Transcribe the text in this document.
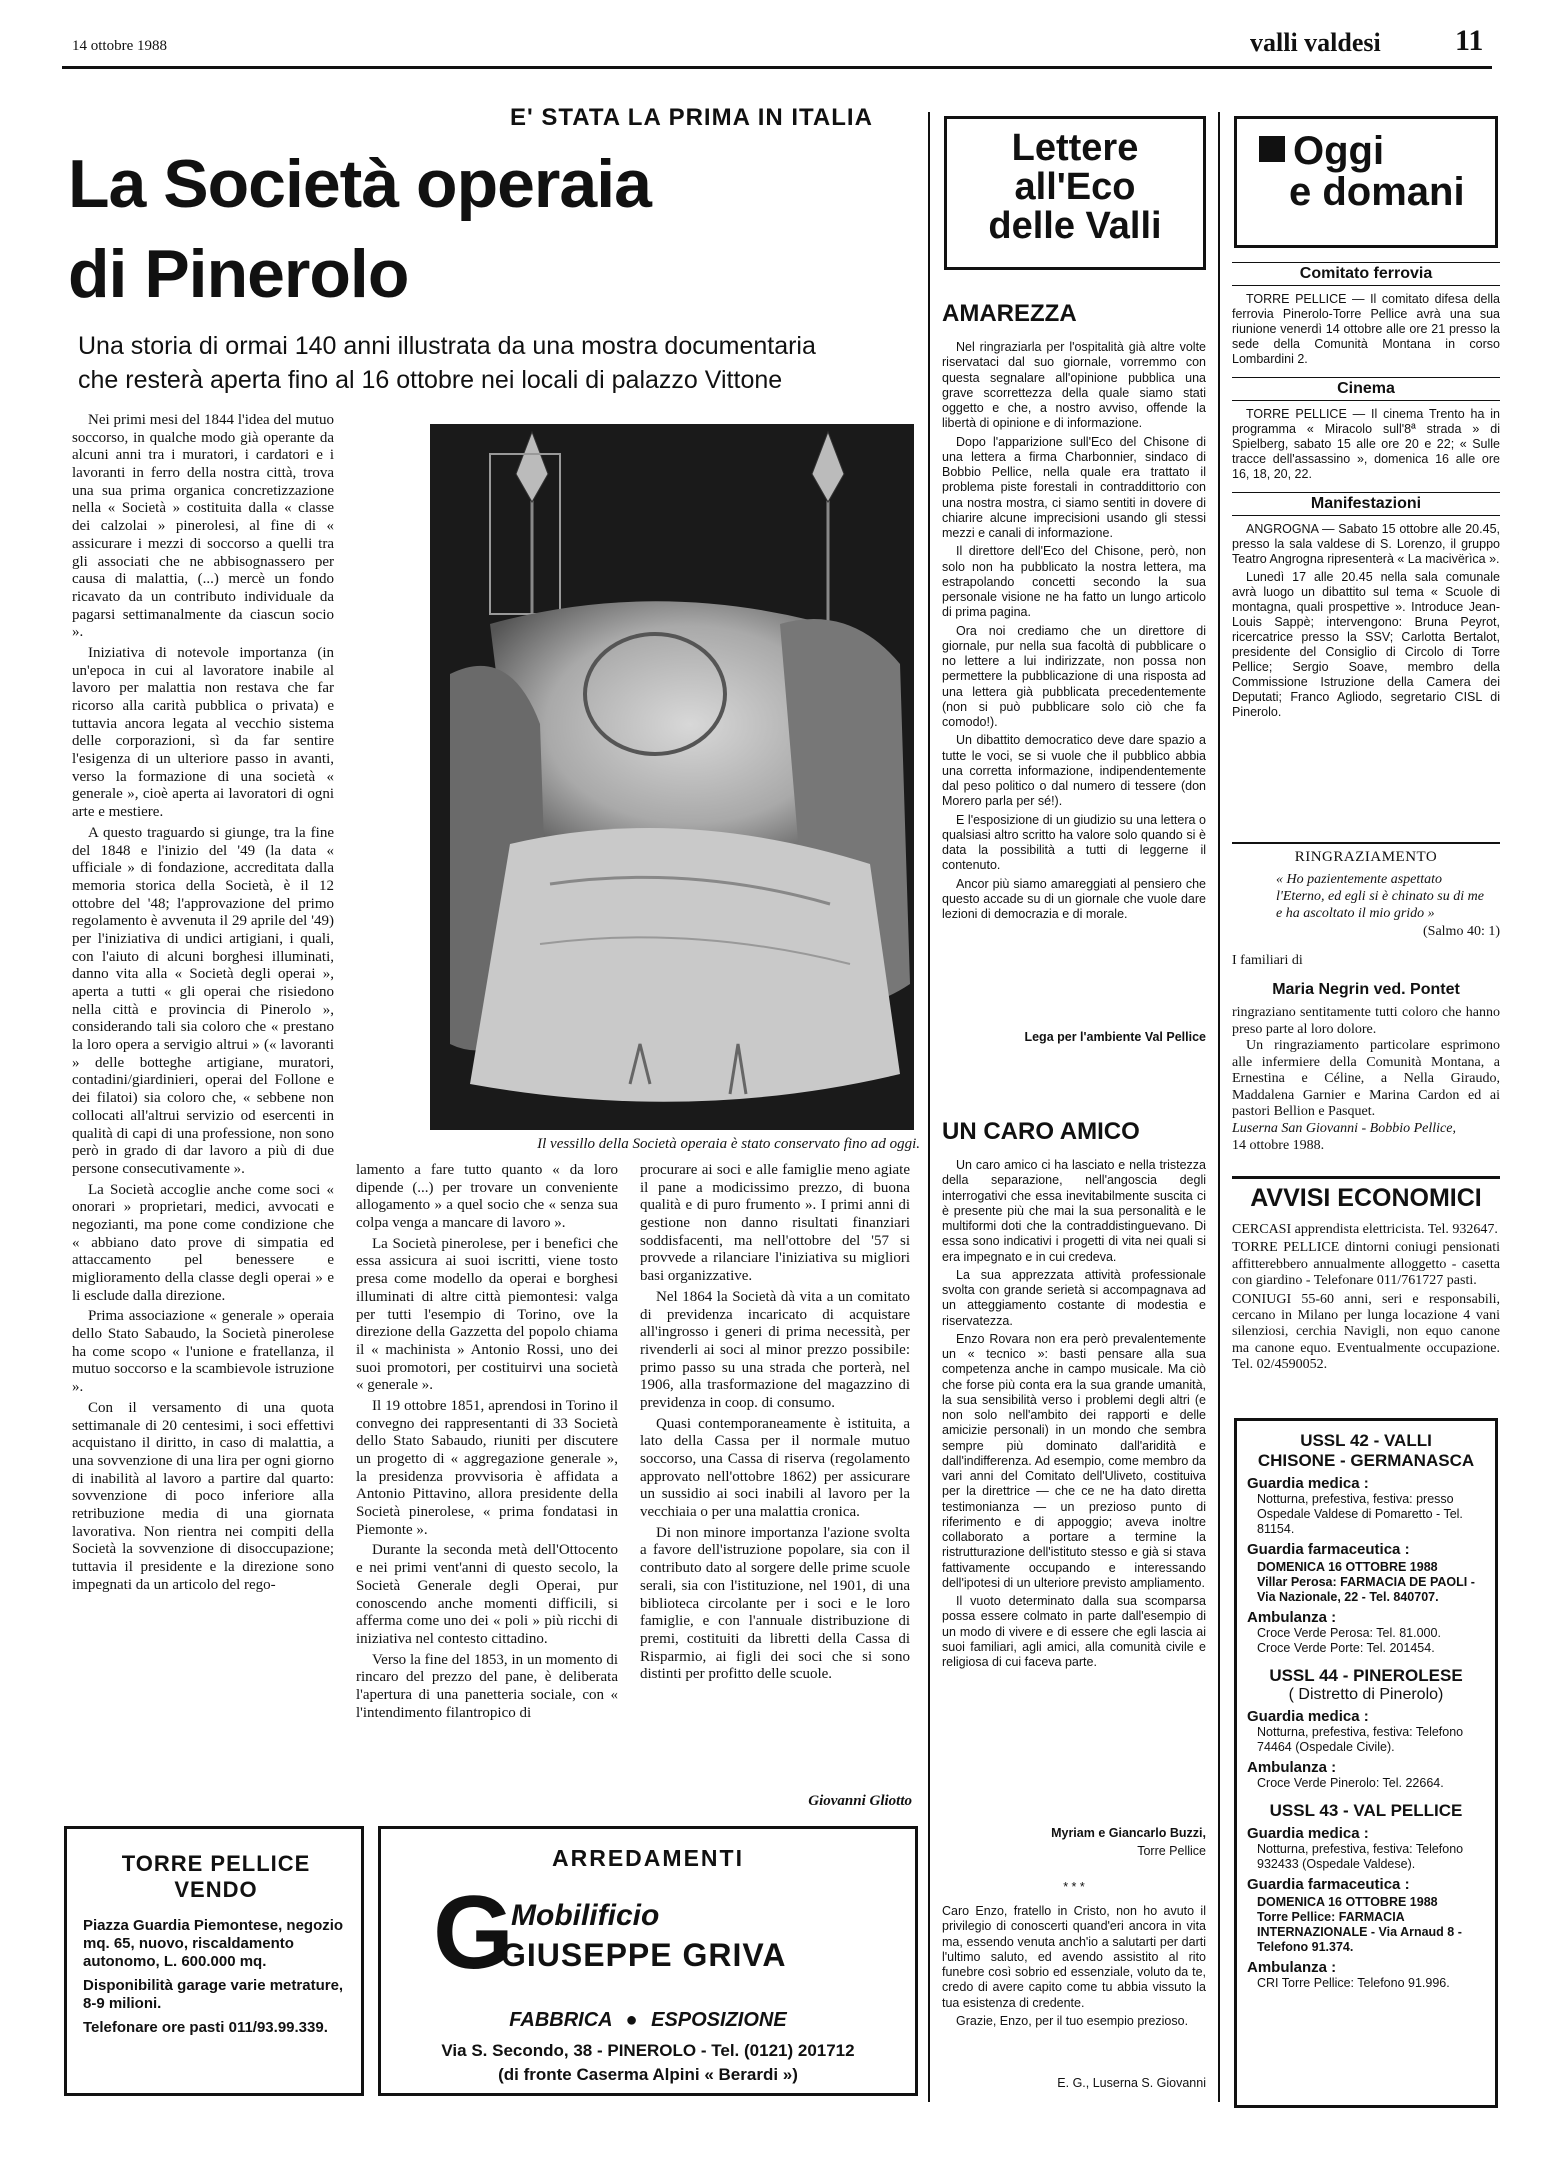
14 ottobre 1988	valli valdesi 11
E' STATA LA PRIMA IN ITALIA
La Società operaia
di Pinerolo
Una storia di ormai 140 anni illustrata da una mostra documentaria
che resterà aperta fino al 16 ottobre nei locali di palazzo Vittone

Nei primi mesi del 1844 l'idea del mutuo soccorso, in qualche modo già operante da alcuni anni tra i muratori, i cardatori e i lavoranti in ferro della nostra città, trova una sua prima organica concretizzazione nella « Società » costituita dalla « classe dei calzolai » pinerolesi, al fine di « assicurare i mezzi di soccorso a quelli tra gli associati che ne abbisognassero per causa di malattia, (...) mercè un fondo ricavato da un contributo individuale da pagarsi settimanalmente da ciascun socio ».

Iniziativa di notevole importanza (in un'epoca in cui al lavoratore inabile al lavoro per malattia non restava che far ricorso alla carità pubblica o privata) e tuttavia ancora legata al vecchio sistema delle corporazioni, sì da far sentire l'esigenza di un ulteriore passo in avanti, verso la formazione di una società « generale », cioè aperta ai lavoratori di ogni arte e mestiere.

A questo traguardo si giunge, tra la fine del 1848 e l'inizio del '49 (la data « ufficiale » di fondazione, accreditata dalla memoria storica della Società, è il 12 ottobre del '48; l'approvazione del primo regolamento è avvenuta il 29 aprile del '49) per l'iniziativa di undici artigiani, i quali, con l'aiuto di alcuni borghesi illuminati, danno vita alla « Società degli operai », aperta a tutti « gli operai che risiedono nella città e provincia di Pinerolo », considerando tali sia coloro che « prestano la loro opera a servigio altrui » (« lavoranti » delle botteghe artigiane, muratori, contadini/giardinieri, operai del Follone e dei filatoi) sia coloro che, « sebbene non collocati all'altrui servizio od esercenti in qualità di capi di una professione, non sono però in grado di dar lavoro a più di due persone consecutivamente ».

La Società accoglie anche come soci « onorari » proprietari, medici, avvocati e negozianti, ma pone come condizione che « abbiano dato prove di simpatia ed attaccamento pel benessere e miglioramento della classe degli operai » e li esclude dalla direzione.

Prima associazione « generale » operaia dello Stato Sabaudo, la Società pinerolese ha come scopo « l'unione e fratellanza, il mutuo soccorso e la scambievole istruzione ».

Con il versamento di una quota settimanale di 20 centesimi, i soci effettivi acquistano il diritto, in caso di malattia, a una sovvenzione di una lira per ogni giorno di inabilità al lavoro a partire dal quarto: sovvenzione di poco inferiore alla retribuzione media di una giornata lavorativa. Non rientra nei compiti della Società la sovvenzione di disoccupazione; tuttavia il presidente e la direzione sono impegnati da un articolo del rego-

Il vessillo della Società operaia è stato conservato fino ad oggi.

lamento a fare tutto quanto « da loro dipende (...) per trovare un conveniente allogamento » a quel socio che « senza sua colpa venga a mancare di lavoro ».

La Società pinerolese, per i benefici che essa assicura ai suoi iscritti, viene tosto presa come modello da operai e borghesi illuminati di altre città piemontesi: valga per tutti l'esempio di Torino, ove la direzione della Gazzetta del popolo chiama il « machinista » Antonio Rossi, uno dei suoi promotori, per costituirvi una società « generale ».

Il 19 ottobre 1851, aprendosi in Torino il convegno dei rappresentanti di 33 Società dello Stato Sabaudo, riuniti per discutere un progetto di « aggregazione generale », la presidenza provvisoria è affidata a Antonio Pittavino, allora presidente della Società pinerolese, « prima fondatasi in Piemonte ».

Durante la seconda metà dell'Ottocento e nei primi vent'anni di questo secolo, la Società Generale degli Operai, pur conoscendo anche momenti difficili, si afferma come uno dei « poli » più ricchi di iniziativa nel contesto cittadino.

Verso la fine del 1853, in un momento di rincaro del prezzo del pane, è deliberata l'apertura di una panetteria sociale, con « l'intendimento filantropico di

procurare ai soci e alle famiglie meno agiate il pane a modicissimo prezzo, di buona qualità e di puro frumento ». I primi anni di gestione non danno risultati finanziari soddisfacenti, ma nell'ottobre del '57 si provvede a rilanciare l'iniziativa su migliori basi organizzative.

Nel 1864 la Società dà vita a un comitato di previdenza incaricato di acquistare all'ingrosso i generi di prima necessità, per rivenderli ai soci al minor prezzo possibile: primo passo su una strada che porterà, nel 1906, alla trasformazione del magazzino di previdenza in coop. di consumo.

Quasi contemporaneamente è istituita, a lato della Cassa per il normale mutuo soccorso, una Cassa di riserva (regolamento approvato nell'ottobre 1862) per assicurare un sussidio ai soci inabili al lavoro per la vecchiaia o per una malattia cronica.

Di non minore importanza l'azione svolta a favore dell'istruzione popolare, sia con il contributo dato al sorgere delle prime scuole serali, sia con l'istituzione, nel 1901, di una biblioteca circolante per i soci e le loro famiglie, e con l'annuale distribuzione di premi, costituiti da libretti della Cassa di Risparmio, ai figli dei soci che si sono distinti per profitto delle scuole.

Giovanni Gliotto
TORRE PELLICE
VENDO
Piazza Guardia Piemontese, negozio mq. 65, nuovo, riscaldamento autonomo, L. 600.000 mq.
Disponibilità garage varie metrature, 8-9 milioni.
Telefonare ore pasti 011/93.99.339.
ARREDAMENTI
G
Mobilificio
GIUSEPPE GRIVA
FABBRICA ● ESPOSIZIONE
Via S. Secondo, 38 - PINEROLO - Tel. (0121) 201712
(di fronte Caserma Alpini « Berardi »)
Lettere
all'Eco
delle Valli
AMAREZZA

Nel ringraziarla per l'ospitalità già altre volte riservataci dal suo giornale, vorremmo con questa segnalare all'opinione pubblica una grave scorrettezza della quale siamo stati oggetto e che, a nostro avviso, offende la libertà di opinione e di informazione.

Dopo l'apparizione sull'Eco del Chisone di una lettera a firma Charbonnier, sindaco di Bobbio Pellice, nella quale era trattato il problema piste forestali in contraddittorio con una nostra mostra, ci siamo sentiti in dovere di chiarire alcune imprecisioni usando gli stessi mezzi e canali di informazione.

Il direttore dell'Eco del Chisone, però, non solo non ha pubblicato la nostra lettera, ma estrapolando concetti secondo la sua personale visione ne ha fatto un lungo articolo di prima pagina.

Ora noi crediamo che un direttore di giornale, pur nella sua facoltà di pubblicare o no lettere a lui indirizzate, non possa non permettere la pubblicazione di una risposta ad una lettera già pubblicata precedentemente (non si può pubblicare solo ciò che fa comodo!).

Un dibattito democratico deve dare spazio a tutte le voci, se si vuole che il pubblico abbia una corretta informazione, indipendentemente dal peso politico o dal numero di tessere (don Morero parla per sé!).

E l'esposizione di un giudizio su una lettera o qualsiasi altro scritto ha valore solo quando si è data la possibilità a tutti di leggerne il contenuto.

Ancor più siamo amareggiati al pensiero che questo accade su di un giornale che vuole dare lezioni di democrazia e di morale.

Lega per l'ambiente Val Pellice
UN CARO AMICO

Un caro amico ci ha lasciato e nella tristezza della separazione, nell'angoscia degli interrogativi che essa inevitabilmente suscita ci è presente più che mai la sua personalità e le multiformi doti che la contraddistinguevano. Di essa sono indicativi i progetti di vita nei quali si era impegnato e in cui credeva.

La sua apprezzata attività professionale svolta con grande serietà si accompagnava ad un atteggiamento costante di modestia e riservatezza.

Enzo Rovara non era però prevalentemente un « tecnico »: basti pensare alla sua competenza anche in campo musicale. Ma ciò che forse più conta era la sua grande umanità, la sua sensibilità verso i problemi degli altri (e non solo nell'ambito dei rapporti e delle amicizie personali) in un mondo che sembra sempre più dominato dall'aridità e dall'indifferenza. Ad esempio, come membro da vari anni del Comitato dell'Uliveto, costituiva per la direttrice — che ce ne ha dato diretta testimonianza — un prezioso punto di riferimento e di appoggio; aveva inoltre collaborato a portare a termine la ristrutturazione dell'istituto stesso e già si stava fattivamente occupando e interessando dell'ipotesi di un ulteriore previsto ampliamento.

Il vuoto determinato dalla sua scomparsa possa essere colmato in parte dall'esempio di un modo di vivere e di essere che egli lascia ai suoi familiari, agli amici, alla comunità civile e religiosa di cui faceva parte.

Myriam e Giancarlo Buzzi,
Torre Pellice
* * *

Caro Enzo, fratello in Cristo, non ho avuto il privilegio di conoscerti quand'eri ancora in vita ma, essendo venuta anch'io a salutarti per darti l'ultimo saluto, ed avendo assistito al rito funebre così sobrio ed essenziale, voluto da te, credo di avere capito come tu abbia vissuto la tua esistenza di credente.

Grazie, Enzo, per il tuo esempio prezioso.

E. G., Luserna S. Giovanni
Oggi
e domani
Comitato ferrovia

TORRE PELLICE — Il comitato difesa della ferrovia Pinerolo-Torre Pellice avrà una sua riunione venerdì 14 ottobre alle ore 21 presso la sede della Comunità Montana in corso Lombardini 2.

Cinema

TORRE PELLICE — Il cinema Trento ha in programma « Miracolo sull'8ª strada » di Spielberg, sabato 15 alle ore 20 e 22; « Sulle tracce dell'assassino », domenica 16 alle ore 16, 18, 20, 22.

Manifestazioni

ANGROGNA — Sabato 15 ottobre alle 20.45, presso la sala valdese di S. Lorenzo, il gruppo Teatro Angrogna ripresenterà « La macivërìca ».

Lunedì 17 alle 20.45 nella sala comunale avrà luogo un dibattito sul tema « Scuole di montagna, quali prospettive ». Introduce Jean-Louis Sappè; intervengono: Bruna Peyrot, ricercatrice presso la SSV; Carlotta Bertalot, presidente del Consiglio di Circolo di Torre Pellice; Sergio Soave, membro della Commissione Istruzione della Camera dei Deputati; Franco Agliodo, segretario CISL di Pinerolo.

RINGRAZIAMENTO
« Ho pazientemente aspettato l'Eterno, ed egli si è chinato su di me e ha ascoltato il mio grido »
(Salmo 40: 1)
I familiari di
Maria Negrin ved. Pontet
ringraziano sentitamente tutti coloro che hanno preso parte al loro dolore.
Un ringraziamento particolare esprimono alle infermiere della Comunità Montana, a Ernestina e Céline, a Nella Giraudo, Maddalena Garnier e Marina Cardon ed ai pastori Bellion e Pasquet.
Luserna San Giovanni - Bobbio Pellice,
14 ottobre 1988.
AVVISI ECONOMICI
CERCASI apprendista elettricista. Tel. 932647.
TORRE PELLICE dintorni coniugi pensionati affitterebbero annualmente alloggetto - casetta con giardino - Telefonare 011/761727 pasti.
CONIUGI 55-60 anni, seri e responsabili, cercano in Milano per lunga locazione 4 vani silenziosi, cerchia Navigli, non equo canone ma canone equo. Eventualmente occupazione. Tel. 02/4590052.
USSL 42 - VALLI
CHISONE - GERMANASCA
Guardia medica :
Notturna, prefestiva, festiva: presso Ospedale Valdese di Pomaretto - Tel. 81154.
Guardia farmaceutica :
DOMENICA 16 OTTOBRE 1988
Villar Perosa: FARMACIA DE PAOLI - Via Nazionale, 22 - Tel. 840707.
Ambulanza :
Croce Verde Perosa: Tel. 81.000.
Croce Verde Porte: Tel. 201454.
USSL 44 - PINEROLESE
( Distretto di Pinerolo)
Guardia medica :
Notturna, prefestiva, festiva: Telefono 74464 (Ospedale Civile).
Ambulanza :
Croce Verde Pinerolo: Tel. 22664.
USSL 43 - VAL PELLICE
Guardia medica :
Notturna, prefestiva, festiva: Telefono 932433 (Ospedale Valdese).
Guardia farmaceutica :
DOMENICA 16 OTTOBRE 1988
Torre Pellice: FARMACIA INTERNAZIONALE - Via Arnaud 8 - Telefono 91.374.
Ambulanza :
CRI Torre Pellice: Telefono 91.996.
